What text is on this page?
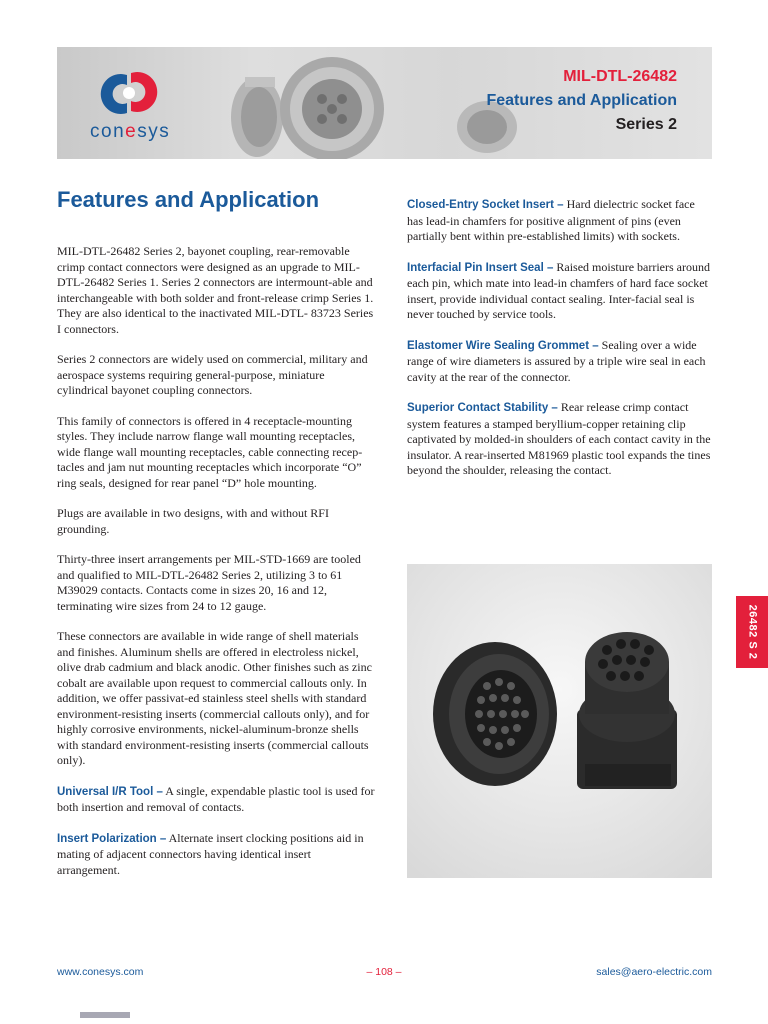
conesys
MIL-DTL-26482
Features and Application
Series 2
Features and Application

MIL-DTL-26482 Series 2, bayonet coupling, rear-removable crimp contact connectors were designed as an upgrade to MIL-DTL-26482 Series 1. Series 2 connectors are intermount-able and interchangeable with both solder and front-release crimp Series 1. They are also identical to the inactivated MIL-DTL- 83723 Series I connectors.

Series 2 connectors are widely used on commercial, military and aerospace systems requiring general-purpose, miniature cylindrical bayonet coupling connectors.

This family of connectors is offered in 4 receptacle-mounting styles. They include narrow flange wall mounting receptacles, wide flange wall mounting receptacles, cable connecting recep-tacles and jam nut mounting receptacles which incorporate “O” ring seals, designed for rear panel “D” hole mounting.

Plugs are available in two designs, with and without RFI grounding.

Thirty-three insert arrangements per MIL-STD-1669 are tooled and qualified to MIL-DTL-26482 Series 2, utilizing 3 to 61 M39029 contacts. Contacts come in sizes 20, 16 and 12, terminating wire sizes from 24 to 12 gauge.

These connectors are available in wide range of shell materials and finishes. Aluminum shells are offered in electroless nickel, olive drab cadmium and black anodic. Other finishes such as zinc cobalt are available upon request to commercial callouts only. In addition, we offer passivat-ed stainless steel shells with standard environment-resisting inserts (commercial callouts only), and for highly corrosive environments, nickel-aluminum-bronze shells with standard environment-resisting inserts (commercial callouts only).

Universal I/R Tool – A single, expendable plastic tool is used for both insertion and removal of contacts.

Insert Polarization – Alternate insert clocking positions aid in mating of adjacent connectors having identical insert arrangement.

Closed-Entry Socket Insert – Hard dielectric socket face has lead-in chamfers for positive alignment of pins (even partially bent within pre-established limits) with sockets.

Interfacial Pin Insert Seal – Raised moisture barriers around each pin, which mate into lead-in chamfers of hard face socket insert, provide individual contact sealing. Inter-facial seal is never touched by service tools.

Elastomer Wire Sealing Grommet – Sealing over a wide range of wire diameters is assured by a triple wire seal in each cavity at the rear of the connector.

Superior Contact Stability – Rear release crimp contact system features a stamped beryllium-copper retaining clip captivated by molded-in shoulders of each contact cavity in the insulator. A rear-inserted M81969 plastic tool expands the tines beyond the shoulder, releasing the contact.

26482 S 2
www.conesys.com	– 108 –	sales@aero-electric.com
